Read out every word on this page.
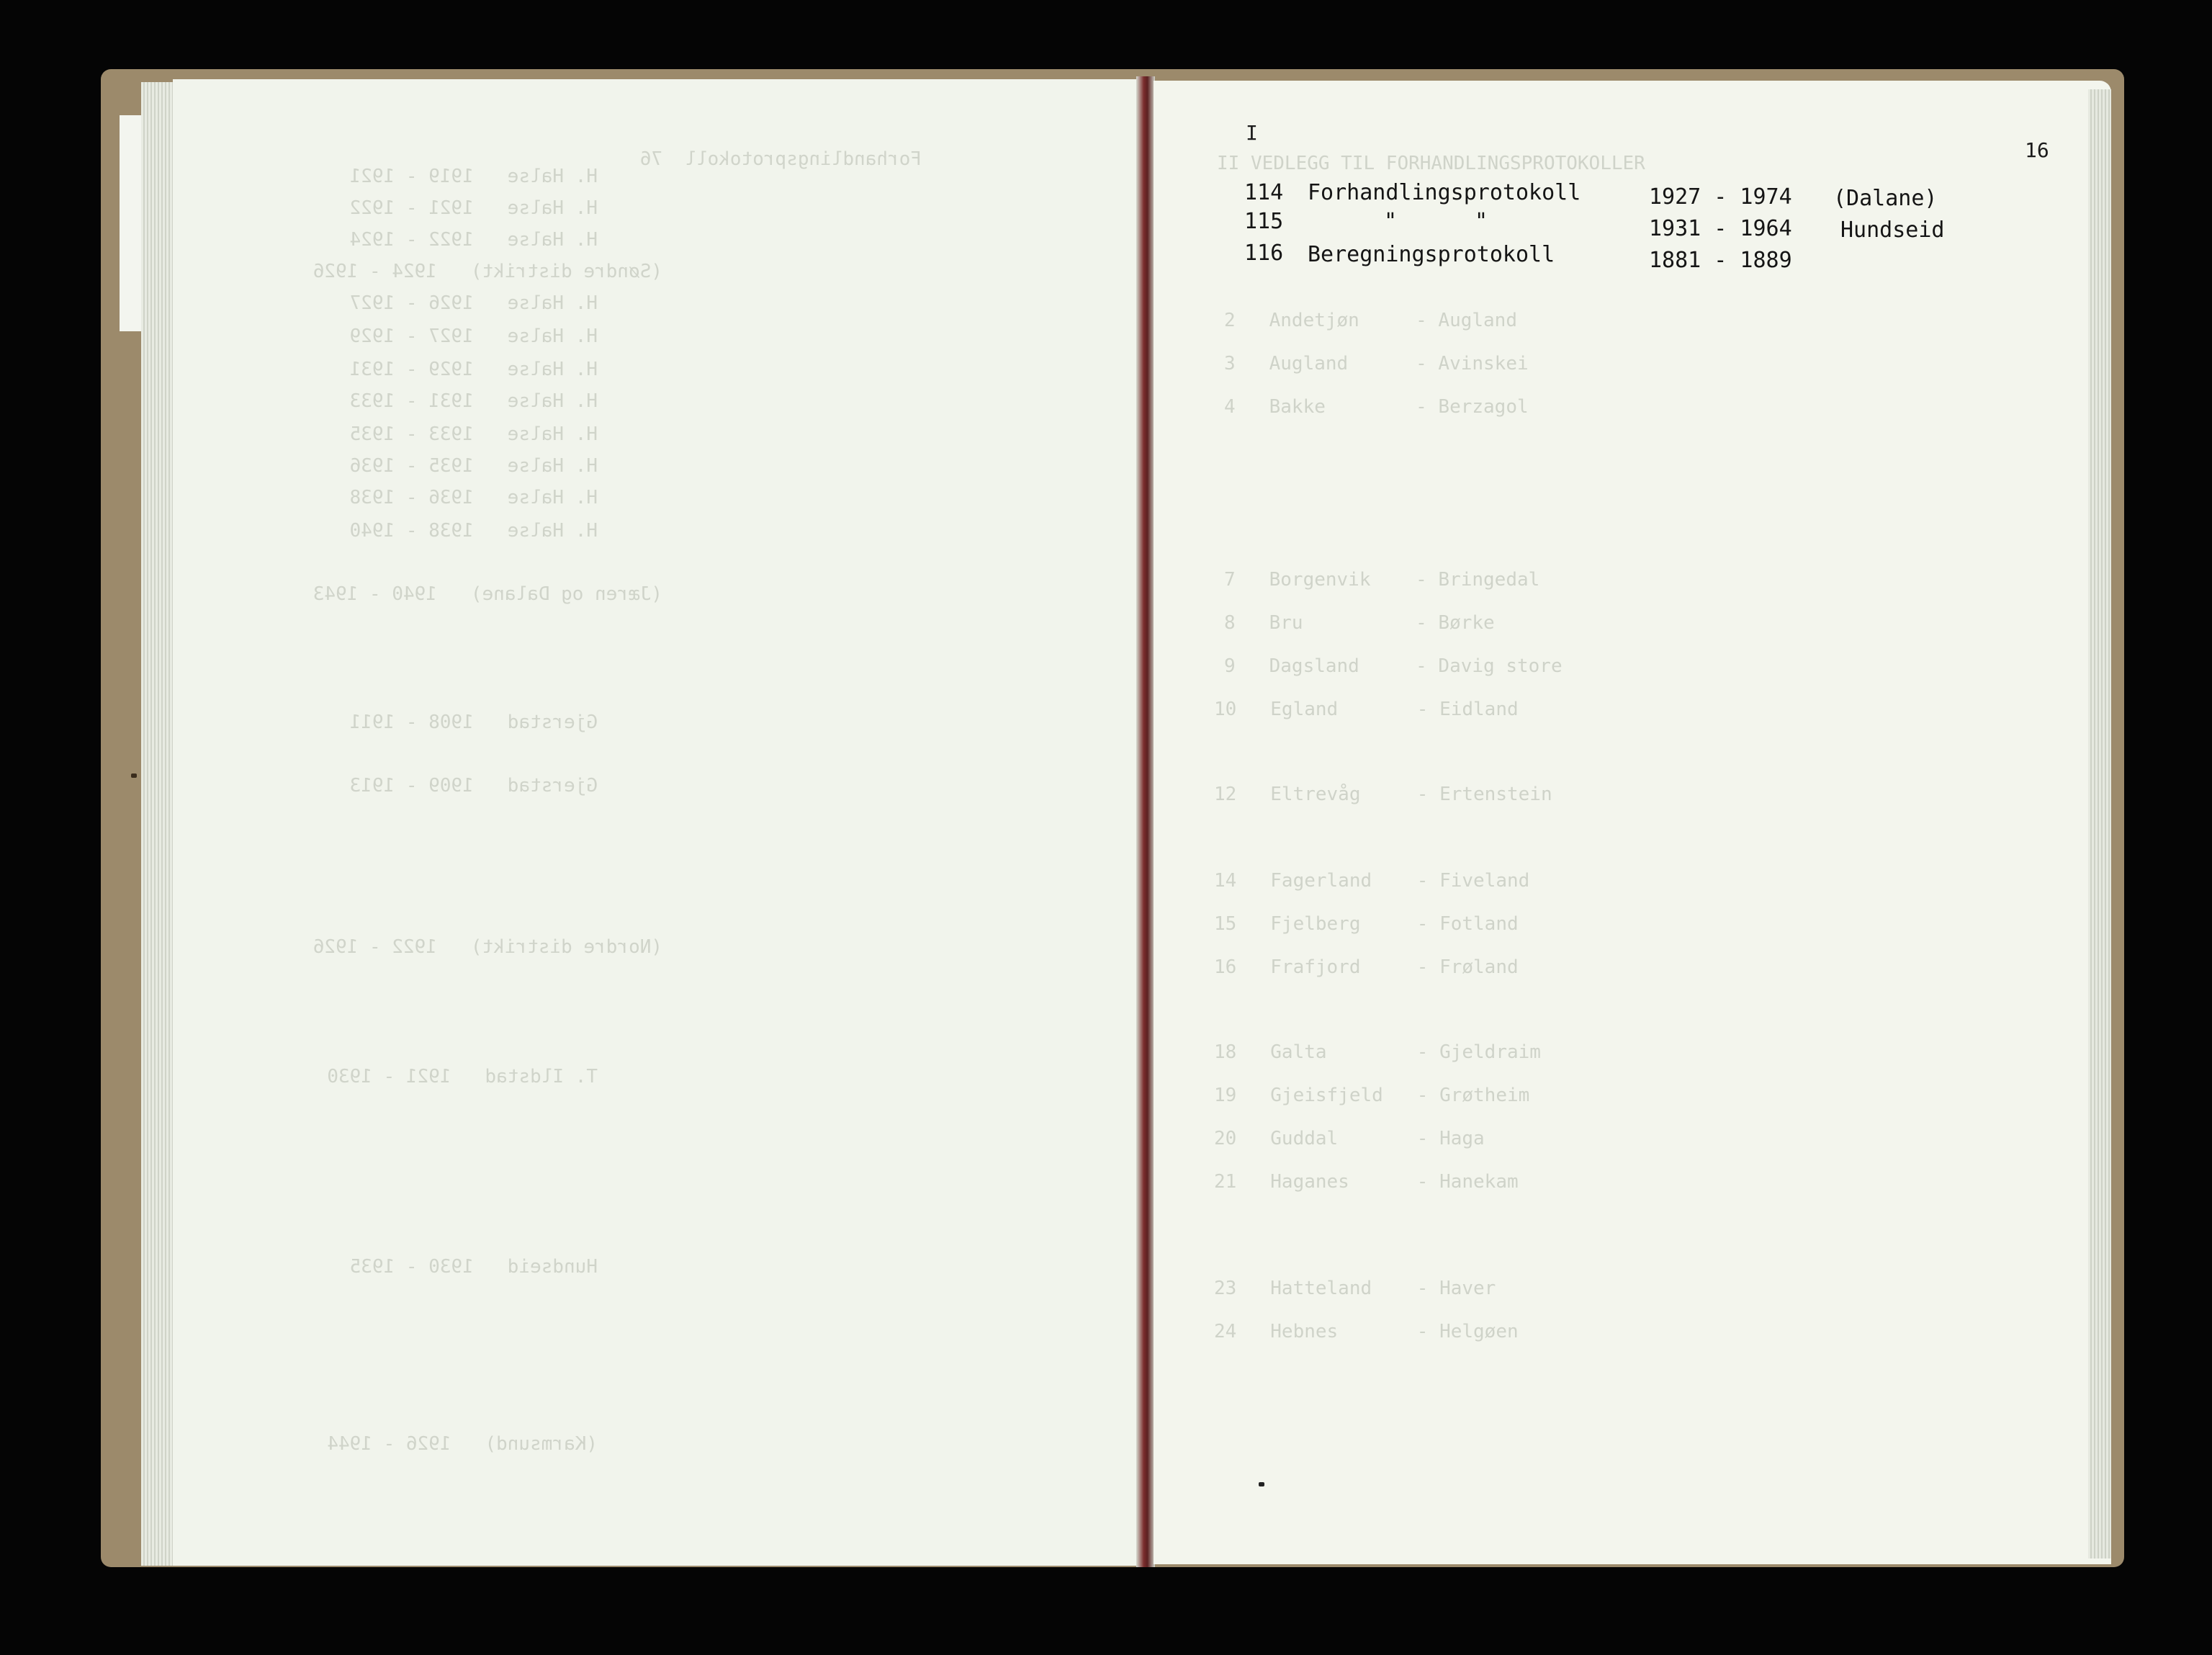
Forhandlingsprotokoll  76
H. Halse   1919 - 1921
H. Halse   1921 - 1922
H. Halse   1922 - 1924
(Søndre distrikt)   1924 - 1926
H. Halse   1926 - 1927
H. Halse   1927 - 1929
H. Halse   1929 - 1931
H. Halse   1931 - 1933
H. Halse   1933 - 1935
H. Halse   1935 - 1936
H. Halse   1936 - 1938
H. Halse   1938 - 1940
(Jæren og Dalane)   1940 - 1943
Gjerstad   1908 - 1911
Gjerstad   1909 - 1913
(Nordre distrikt)   1922 - 1926
T. Ildstad   1921 - 1930
Hundseid   1930 - 1935
(Karmsund)   1926 - 1944
II VEDLEGG TIL FORHANDLINGSPROTOKOLLER
2   Andetjøn     - Augland
3   Augland      - Avinskei
4   Bakke        - Berzagol
7   Borgenvik    - Bringedal
8   Bru          - Børke
9   Dagsland     - Davig store
10   Egland       - Eidland
12   Eltrevåg     - Ertenstein
14   Fagerland    - Fiveland
15   Fjelberg     - Fotland
16   Frafjord     - Frøland
18   Galta        - Gjeldraim
19   Gjeisfjeld   - Grøtheim
20   Guddal       - Haga
21   Haganes      - Hanekam
23   Hatteland    - Haver
24   Hebnes       - Helgøen
I
16
114 Forhandlingsprotokoll	1927 - 1974 (Dalane)
115	"	"	1931 - 1964 Hundseid
116 Beregningsprotokoll	1881 - 1889
